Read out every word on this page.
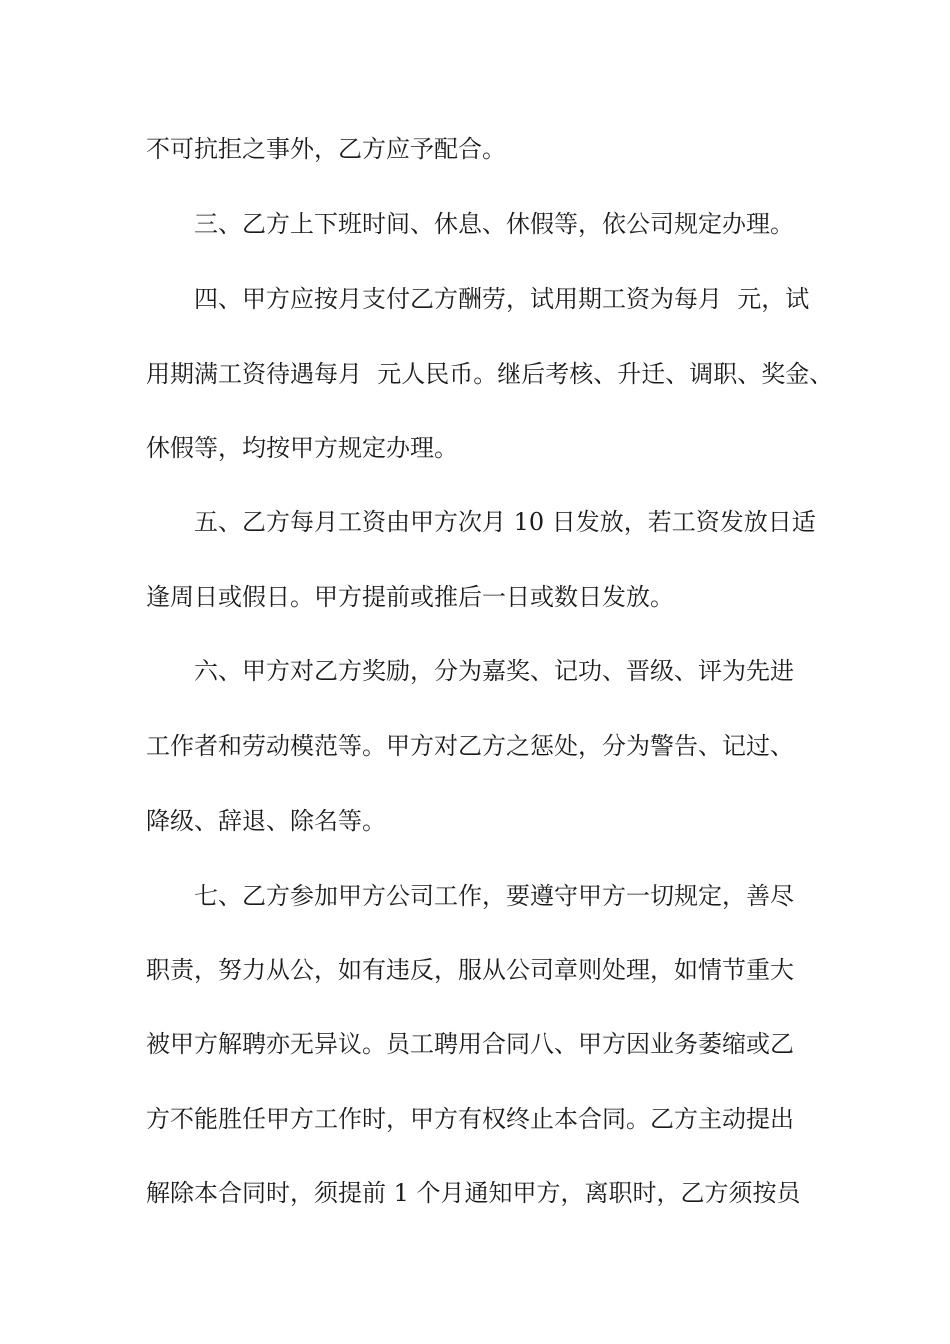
不可抗拒之事外，乙方应予配合。

三、乙方上下班时间、休息、休假等，依公司规定办理。

四、甲方应按月支付乙方酬劳，试用期工资为每月  元，试

用期满工资待遇每月  元人民币。继后考核、升迁、调职、奖金、

休假等，均按甲方规定办理。

五、乙方每月工资由甲方次月 10 日发放，若工资发放日适

逢周日或假日。甲方提前或推后一日或数日发放。

六、甲方对乙方奖励，分为嘉奖、记功、晋级、评为先进

工作者和劳动模范等。甲方对乙方之惩处，分为警告、记过、

降级、辞退、除名等。

七、乙方参加甲方公司工作，要遵守甲方一切规定，善尽

职责，努力从公，如有违反，服从公司章则处理，如情节重大

被甲方解聘亦无异议。员工聘用合同八、甲方因业务萎缩或乙

方不能胜任甲方工作时，甲方有权终止本合同。乙方主动提出

解除本合同时，须提前 1 个月通知甲方，离职时，乙方须按员
